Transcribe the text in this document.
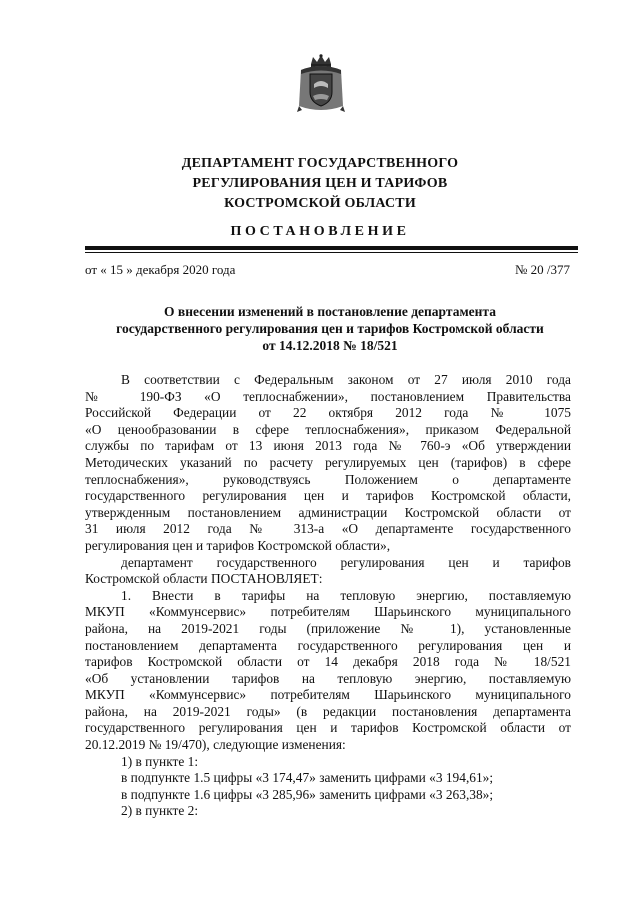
ДЕПАРТАМЕНТ ГОСУДАРСТВЕННОГО
РЕГУЛИРОВАНИЯ ЦЕН И ТАРИФОВ
КОСТРОМСКОЙ ОБЛАСТИ
ПОСТАНОВЛЕНИЕ
от « 15 » декабря 2020 года	№ 20 /377
О внесении изменений в постановление департамента
государственного регулирования цен и тарифов Костромской области
от 14.12.2018 № 18/521
В соответствии с Федеральным законом от 27 июля 2010 года
№ 190-ФЗ «О теплоснабжении», постановлением Правительства
Российской Федерации от 22 октября 2012 года № 1075
«О ценообразовании в сфере теплоснабжения», приказом Федеральной
службы по тарифам от 13 июня 2013 года № 760-э «Об утверждении
Методических указаний по расчету регулируемых цен (тарифов) в сфере
теплоснабжения», руководствуясь Положением о департаменте
государственного регулирования цен и тарифов Костромской области,
утвержденным постановлением администрации Костромской области от
31 июля 2012 года № 313-а «О департаменте государственного
регулирования цен и тарифов Костромской области»,
департамент государственного регулирования цен и тарифов
Костромской области ПОСТАНОВЛЯЕТ:
1. Внести в тарифы на тепловую энергию, поставляемую
МКУП «Коммунсервис» потребителям Шарьинского муниципального
района, на 2019-2021 годы (приложение № 1), установленные
постановлением департамента государственного регулирования цен и
тарифов Костромской области от 14 декабря 2018 года № 18/521
«Об установлении тарифов на тепловую энергию, поставляемую
МКУП «Коммунсервис» потребителям Шарьинского муниципального
района, на 2019-2021 годы» (в редакции постановления департамента
государственного регулирования цен и тарифов Костромской области от
20.12.2019 № 19/470), следующие изменения:
1) в пункте 1:
в подпункте 1.5 цифры «3 174,47» заменить цифрами «3 194,61»;
в подпункте 1.6 цифры «3 285,96» заменить цифрами «3 263,38»;
2) в пункте 2:
